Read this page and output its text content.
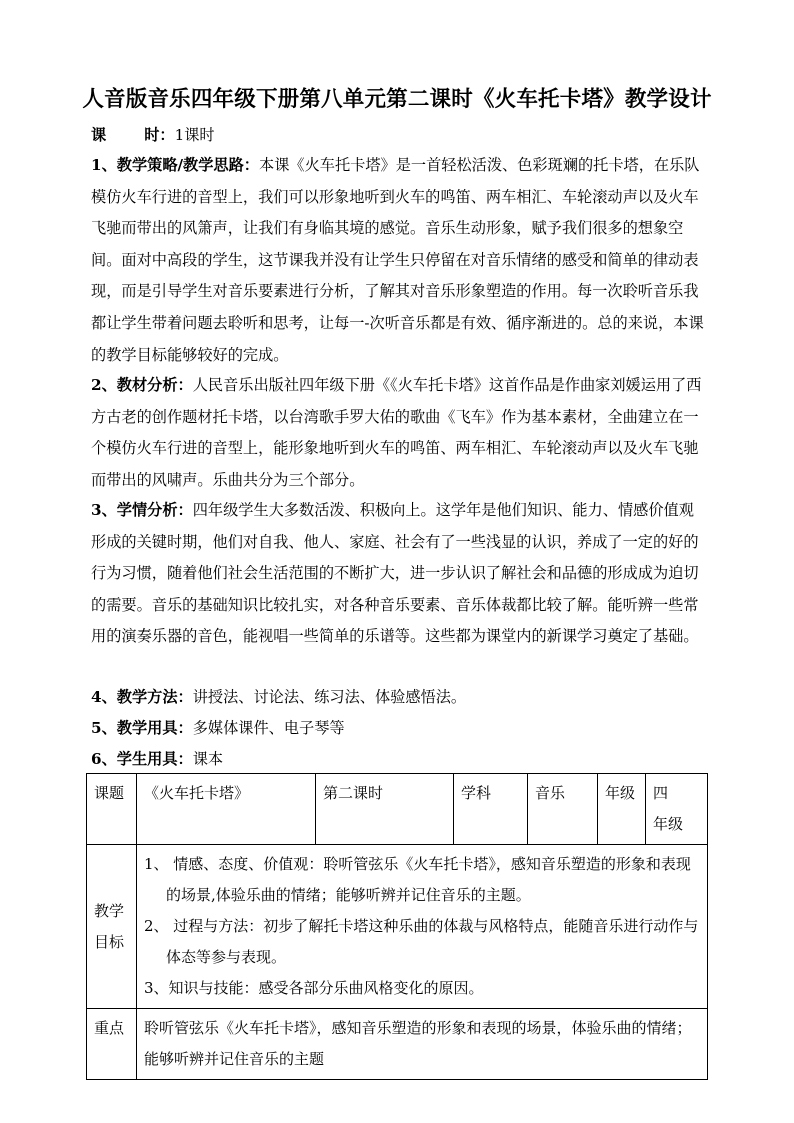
人音版音乐四年级下册第八单元第二课时《火车托卡塔》教学设计
课	时：1课时
1、教学策略/教学思路：本课《火车托卡塔》是一首轻松活泼、色彩斑斓的托卡塔，在乐队模仿火车行进的音型上，我们可以形象地听到火车的鸣笛、两车相汇、车轮滚动声以及火车飞驰而带出的风箫声，让我们有身临其境的感觉。音乐生动形象，赋予我们很多的想象空间。面对中高段的学生，这节课我并没有让学生只停留在对音乐情绪的感受和简单的律动表现，而是引导学生对音乐要素进行分析，了解其对音乐形象塑造的作用。每一次聆听音乐我都让学生带着问题去聆听和思考，让每一-次听音乐都是有效、循序渐进的。总的来说，本课的教学目标能够较好的完成。
2、教材分析：人民音乐出版社四年级下册《《火车托卡塔》这首作品是作曲家刘媛运用了西方古老的创作题材托卡塔，以台湾歌手罗大佑的歌曲《飞车》作为基本素材，全曲建立在一个模仿火车行进的音型上，能形象地听到火车的鸣笛、两车相汇、车轮滚动声以及火车飞驰而带出的风啸声。乐曲共分为三个部分。
3、学情分析：四年级学生大多数活泼、积极向上。这学年是他们知识、能力、情感价值观形成的关键时期，他们对自我、他人、家庭、社会有了一些浅显的认识，养成了一定的好的行为习惯，随着他们社会生活范围的不断扩大，进一步认识了解社会和品德的形成成为迫切的需要。音乐的基础知识比较扎实，对各种音乐要素、音乐体裁都比较了解。能听辨一些常用的演奏乐器的音色，能视唱一些简单的乐谱等。这些都为课堂内的新课学习奠定了基础。
4、教学方法：讲授法、讨论法、练习法、体验感悟法。
5、教学用具：多媒体课件、电子琴等
6、学生用具：课本
课题	《火车托卡塔》	第二课时	学科	音乐	年级	四　　年级
教学目标	1、 情感、态度、价值观：聆听管弦乐《火车托卡塔》，感知音乐塑造的形象和表现的场景,体验乐曲的情绪；能够听辨并记住音乐的主题。
2、 过程与方法：初步了解托卡塔这种乐曲的体裁与风格特点，能随音乐进行动作与体态等参与表现。
3、知识与技能：感受各部分乐曲风格变化的原因。					

重点	聆听管弦乐《火车托卡塔》，感知音乐塑造的形象和表现的场景，体验乐曲的情绪；能够听辨并记住音乐的主题					
